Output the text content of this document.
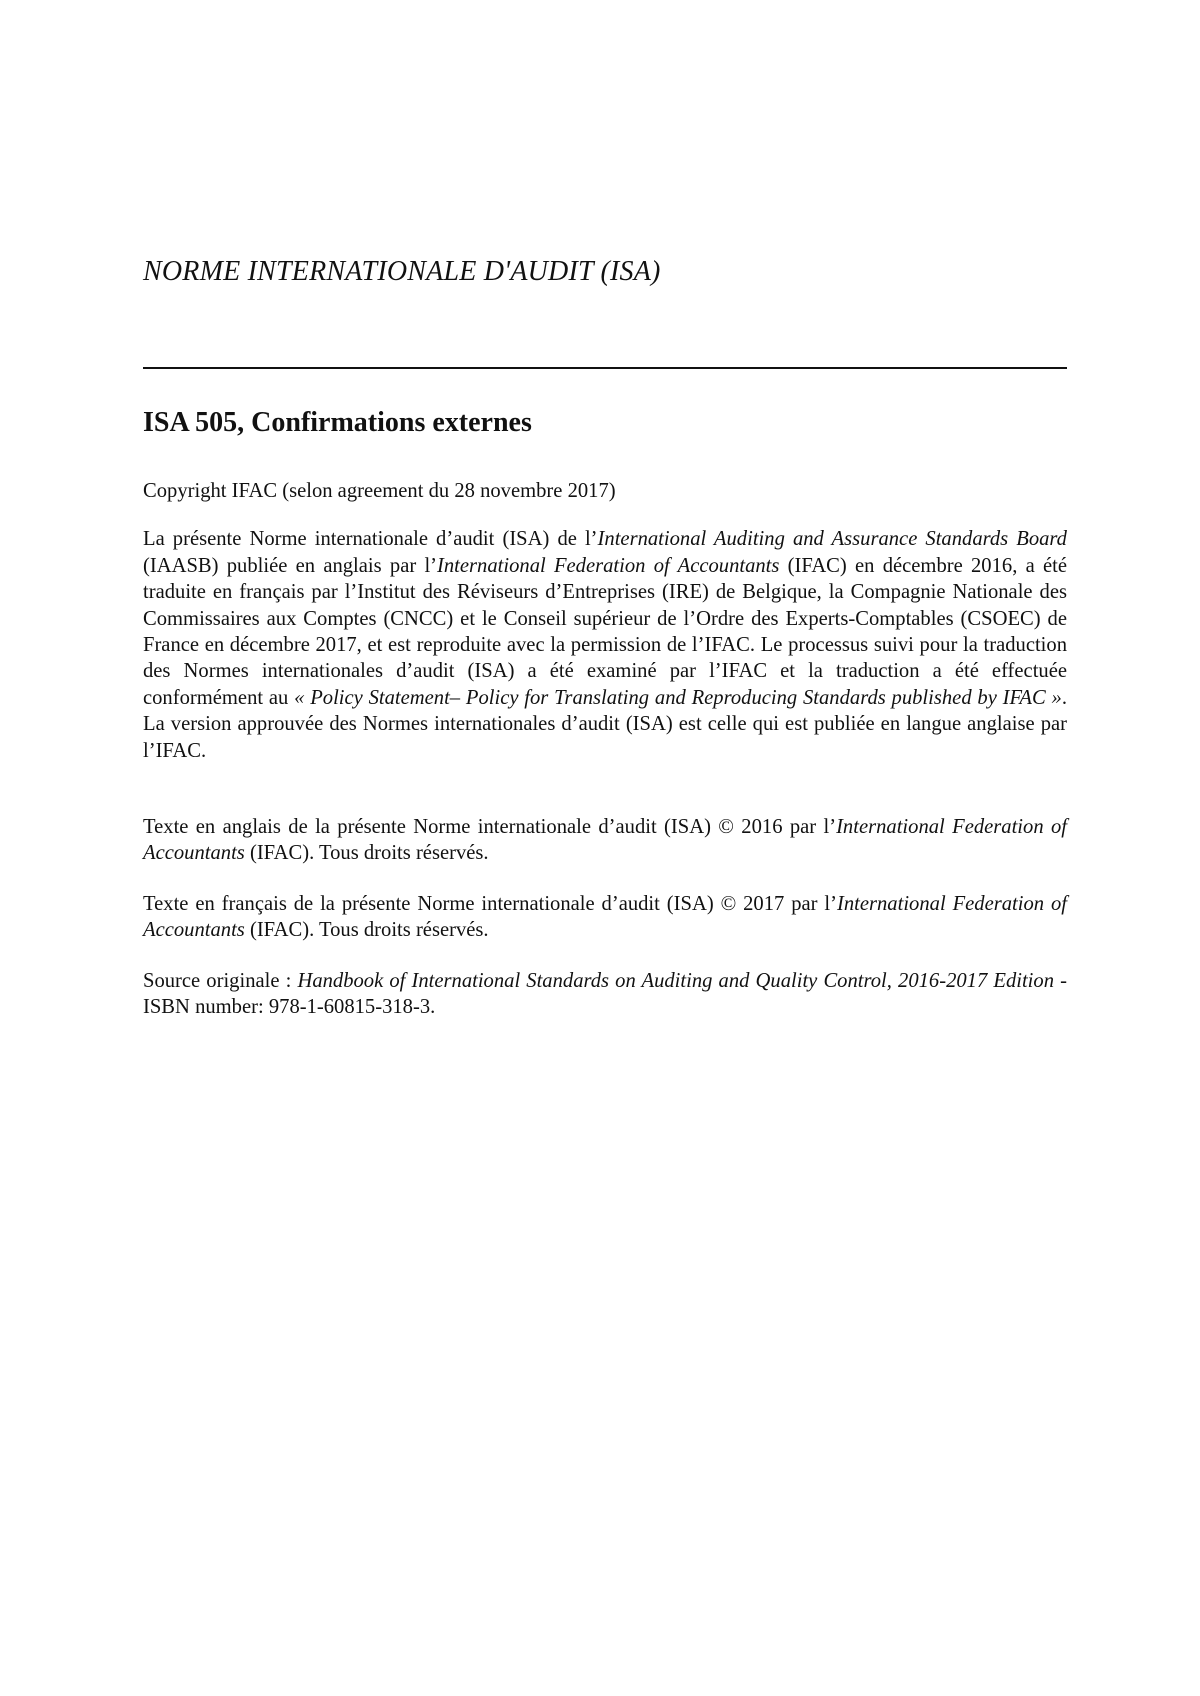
NORME INTERNATIONALE D'AUDIT (ISA)
ISA 505, Confirmations externes

Copyright IFAC (selon agreement du 28 novembre 2017)

La présente Norme internationale d’audit (ISA) de l’International Auditing and Assurance Standards Board (IAASB) publiée en anglais par l’International Federation of Accountants (IFAC) en décembre 2016, a été traduite en français par l’Institut des Réviseurs d’Entreprises (IRE) de Belgique, la Compagnie Nationale des Commissaires aux Comptes (CNCC) et le Conseil supérieur de l’Ordre des Experts-Comptables (CSOEC) de France en décembre 2017, et est reproduite avec la permission de l’IFAC. Le processus suivi pour la traduction des Normes internationales d’audit (ISA) a été examiné par l’IFAC et la traduction a été effectuée conformément au « Policy Statement– Policy for Translating and Reproducing Standards published by IFAC ». La version approuvée des Normes internationales d’audit (ISA) est celle qui est publiée en langue anglaise par l’IFAC.

Texte en anglais de la présente Norme internationale d’audit (ISA) © 2016 par l’International Federation of Accountants (IFAC). Tous droits réservés.

Texte en français de la présente Norme internationale d’audit (ISA) © 2017 par l’International Federation of Accountants (IFAC). Tous droits réservés.

Source originale : Handbook of International Standards on Auditing and Quality Control, 2016-2017 Edition - ISBN number: 978-1-60815-318-3.
